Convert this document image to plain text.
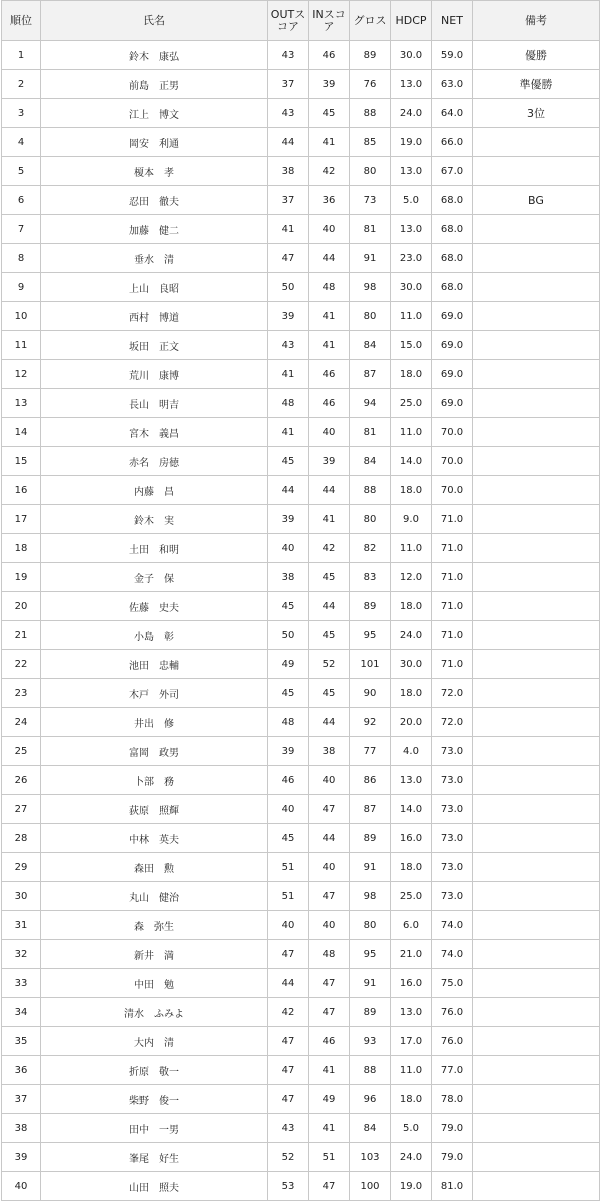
順位	氏名	OUTスコア	INスコア	グロス	HDCP	NET	備考
1	鈴木　康弘	43	46	89	30.0	59.0	優勝
2	前島　正男	37	39	76	13.0	63.0	準優勝
3	江上　博文	43	45	88	24.0	64.0	3位
4	岡安　利通	44	41	85	19.0	66.0	
5	榎本　孝	38	42	80	13.0	67.0	
6	忍田　徹夫	37	36	73	5.0	68.0	BG
7	加藤　健二	41	40	81	13.0	68.0	
8	垂水　清	47	44	91	23.0	68.0	
9	上山　良昭	50	48	98	30.0	68.0	
10	西村　博道	39	41	80	11.0	69.0	
11	坂田　正文	43	41	84	15.0	69.0	
12	荒川　康博	41	46	87	18.0	69.0	
13	長山　明吉	48	46	94	25.0	69.0	
14	宮木　義昌	41	40	81	11.0	70.0	
15	赤名　房徳	45	39	84	14.0	70.0	
16	内藤　昌	44	44	88	18.0	70.0	
17	鈴木　実	39	41	80	9.0	71.0	
18	土田　和明	40	42	82	11.0	71.0	
19	金子　保	38	45	83	12.0	71.0	
20	佐藤　史夫	45	44	89	18.0	71.0	
21	小島　彰	50	45	95	24.0	71.0	
22	池田　忠輔	49	52	101	30.0	71.0	
23	木戸　外司	45	45	90	18.0	72.0	
24	井出　修	48	44	92	20.0	72.0	
25	富岡　政男	39	38	77	4.0	73.0	
26	卜部　務	46	40	86	13.0	73.0	
27	荻原　照輝	40	47	87	14.0	73.0	
28	中林　英夫	45	44	89	16.0	73.0	
29	森田　勲	51	40	91	18.0	73.0	
30	丸山　健治	51	47	98	25.0	73.0	
31	森　弥生	40	40	80	6.0	74.0	
32	新井　満	47	48	95	21.0	74.0	
33	中田　勉	44	47	91	16.0	75.0	
34	清水　ふみよ	42	47	89	13.0	76.0	
35	大内　清	47	46	93	17.0	76.0	
36	折原　敬一	47	41	88	11.0	77.0	
37	柴野　俊一	47	49	96	18.0	78.0	
38	田中　一男	43	41	84	5.0	79.0	
39	峯尾　好生	52	51	103	24.0	79.0	
40	山田　照夫	53	47	100	19.0	81.0	
